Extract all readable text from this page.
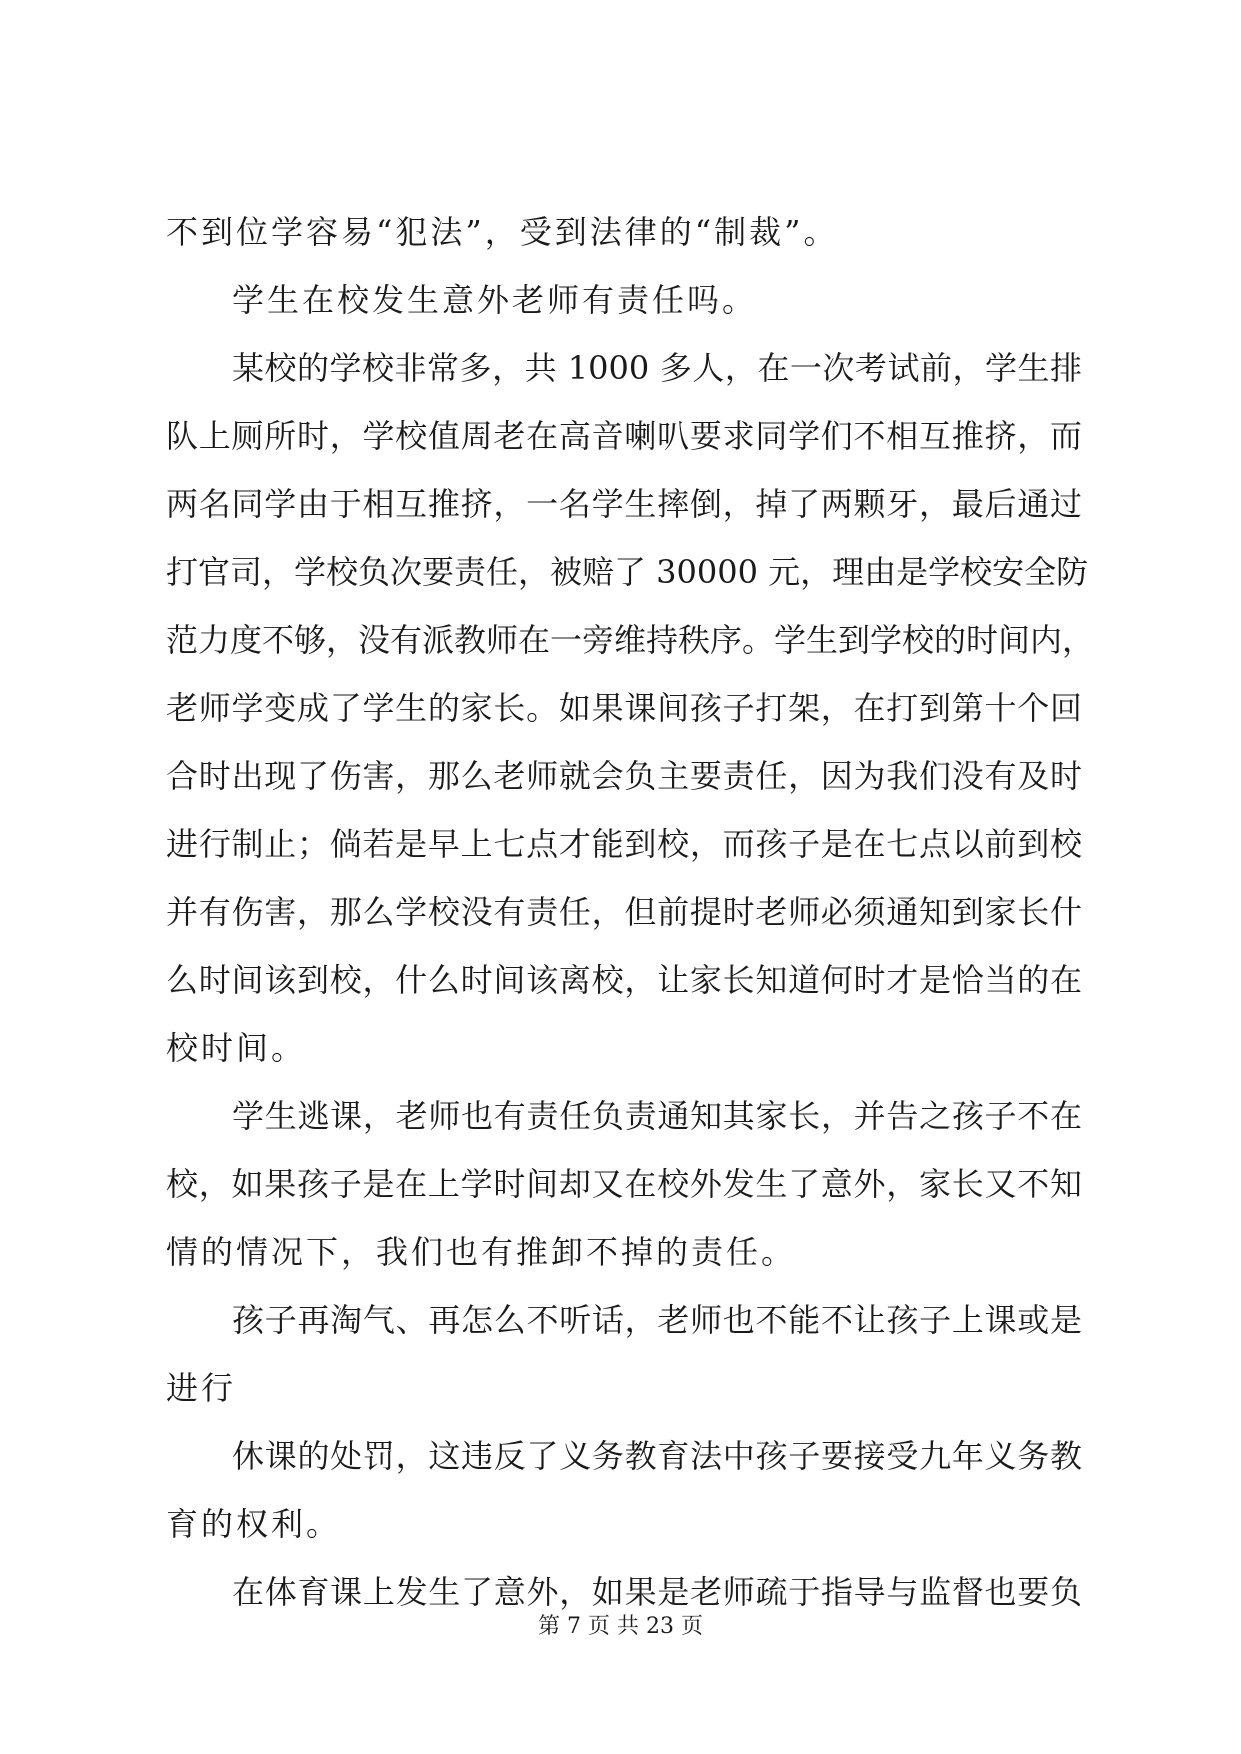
不到位学容易“犯法”，受到法律的“制裁”。
学生在校发生意外老师有责任吗。
某校的学校非常多，共 1000 多人，在一次考试前，学生排
队上厕所时，学校值周老在高音喇叭要求同学们不相互推挤，而
两名同学由于相互推挤，一名学生摔倒，掉了两颗牙，最后通过
打官司，学校负次要责任，被赔了 30000 元，理由是学校安全防
范力度不够，没有派教师在一旁维持秩序。学生到学校的时间内，
老师学变成了学生的家长。如果课间孩子打架，在打到第十个回
合时出现了伤害，那么老师就会负主要责任，因为我们没有及时
进行制止；倘若是早上七点才能到校，而孩子是在七点以前到校
并有伤害，那么学校没有责任，但前提时老师必须通知到家长什
么时间该到校，什么时间该离校，让家长知道何时才是恰当的在
校时间。
学生逃课，老师也有责任负责通知其家长，并告之孩子不在
校，如果孩子是在上学时间却又在校外发生了意外，家长又不知
情的情况下，我们也有推卸不掉的责任。
孩子再淘气、再怎么不听话，老师也不能不让孩子上课或是
进行
休课的处罚，这违反了义务教育法中孩子要接受九年义务教
育的权利。
在体育课上发生了意外，如果是老师疏于指导与监督也要负
第 7 页 共 23 页
